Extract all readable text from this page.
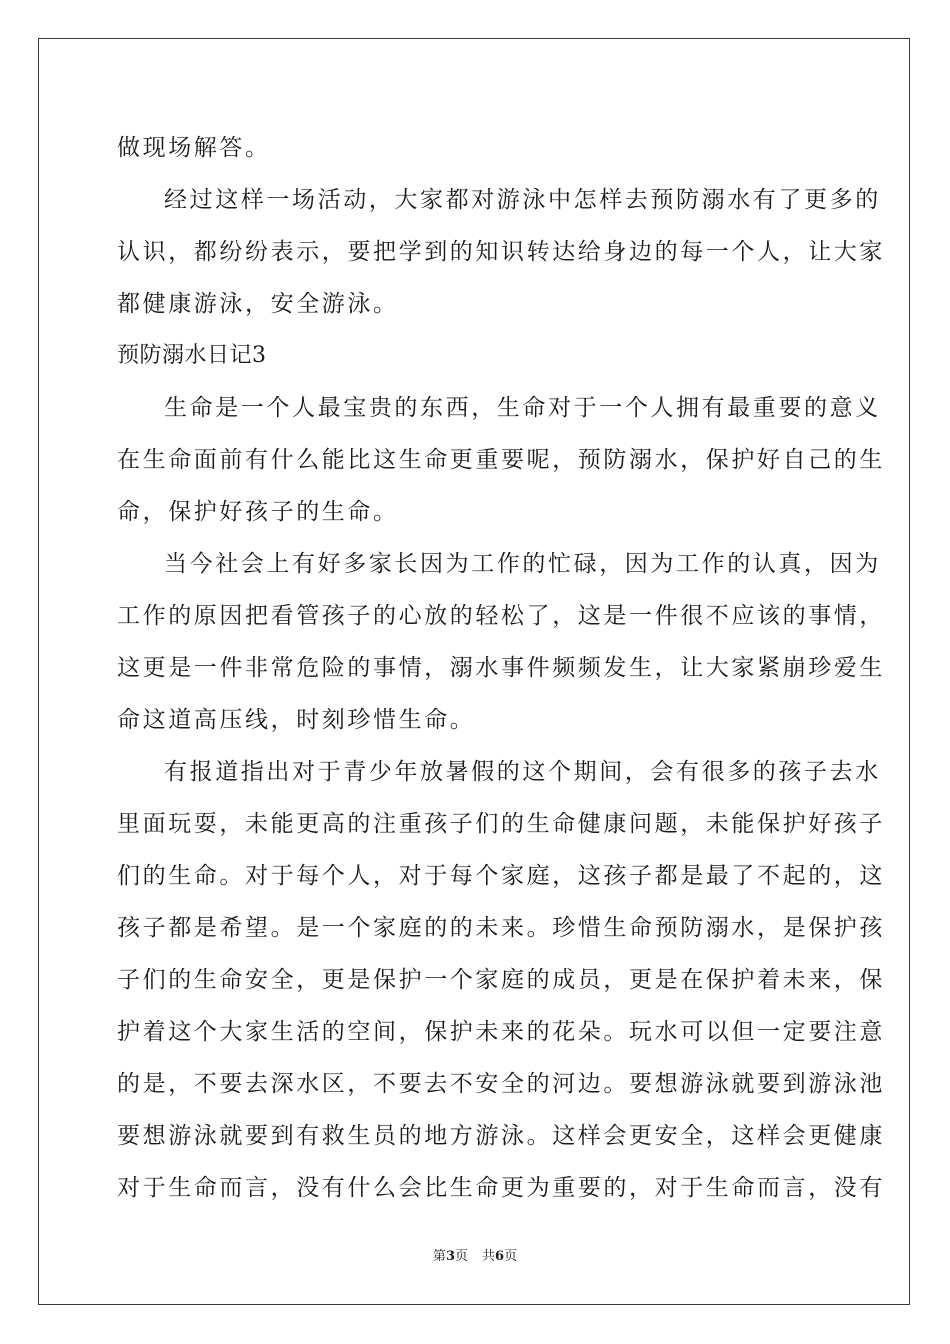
做现场解答。
经过这样一场活动，大家都对游泳中怎样去预防溺水有了更多的
认识，都纷纷表示，要把学到的知识转达给身边的每一个人，让大家
都健康游泳，安全游泳。
预防溺水日记3
生命是一个人最宝贵的东西，生命对于一个人拥有最重要的意义
在生命面前有什么能比这生命更重要呢，预防溺水，保护好自己的生
命，保护好孩子的生命。
当今社会上有好多家长因为工作的忙碌，因为工作的认真，因为
工作的原因把看管孩子的心放的轻松了，这是一件很不应该的事情，
这更是一件非常危险的事情，溺水事件频频发生，让大家紧崩珍爱生
命这道高压线，时刻珍惜生命。
有报道指出对于青少年放暑假的这个期间，会有很多的孩子去水
里面玩耍，未能更高的注重孩子们的生命健康问题，未能保护好孩子
们的生命。对于每个人，对于每个家庭，这孩子都是最了不起的，这
孩子都是希望。是一个家庭的的未来。珍惜生命预防溺水，是保护孩
子们的生命安全，更是保护一个家庭的成员，更是在保护着未来，保
护着这个大家生活的空间，保护未来的花朵。玩水可以但一定要注意
的是，不要去深水区，不要去不安全的河边。要想游泳就要到游泳池
要想游泳就要到有救生员的地方游泳。这样会更安全，这样会更健康
对于生命而言，没有什么会比生命更为重要的，对于生命而言，没有
第3页 共6页
